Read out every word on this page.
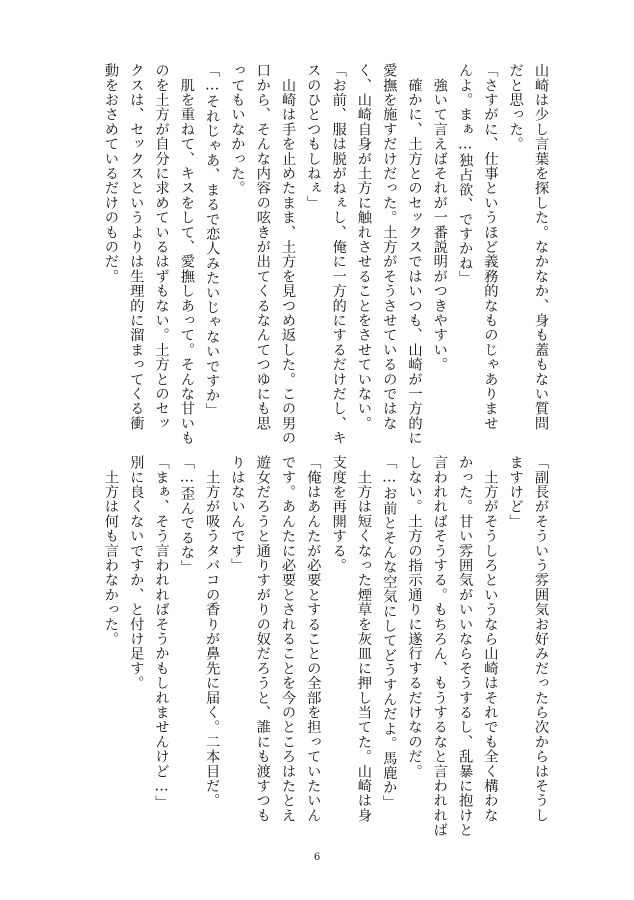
山崎は少し言葉を探した。なかなか、身も蓋もない質問
だと思った。
「さすがに、仕事というほど義務的なものじゃありませ
んよ。まぁ…独占欲、ですかね」
　強いて言えばそれが一番説明がつきやすい。
　確かに、土方とのセックスではいつも、山崎が一方的に
愛撫を施すだけだった。土方がそうさせているのではな
く、山崎自身が土方に触れさせることをさせていない。
「お前、服は脱がねぇし、俺に一方的にするだけだし、キ
スのひとつもしねぇ」
　山崎は手を止めたまま、土方を見つめ返した。この男の
口から、そんな内容の呟きが出てくるなんてつゆにも思
ってもいなかった。
「…それじゃあ、まるで恋人みたいじゃないですか」
　肌を重ねて、キスをして、愛撫しあって。そんな甘いも
のを土方が自分に求めているはずもない。土方とのセッ
クスは、セックスというよりは生理的に溜まってくる衝
動をおさめているだけのものだ。
「副長がそういう雰囲気お好みだったら次からはそうし
ますけど」
　土方がそうしろというなら山崎はそれでも全く構わな
かった。甘い雰囲気がいいならそうするし、乱暴に抱けと
言われればそうする。もちろん、もうするなと言われれば
しない。土方の指示通りに遂行するだけなのだ。
「…お前とそんな空気にしてどうすんだよ。馬鹿か」
　土方は短くなった煙草を灰皿に押し当てた。山崎は身
支度を再開する。
「俺はあんたが必要とすることの全部を担っていたいん
です。あんたに必要とされることを今のところはたとえ
遊女だろうと通りすがりの奴だろうと、誰にも渡すつも
りはないんです」
　土方が吸うタバコの香りが鼻先に届く。二本目だ。
「…歪んでるな」
「まぁ、そう言われればそうかもしれませんけど…」
別に良くないですか、と付け足す。
　土方は何も言わなかった。
6
